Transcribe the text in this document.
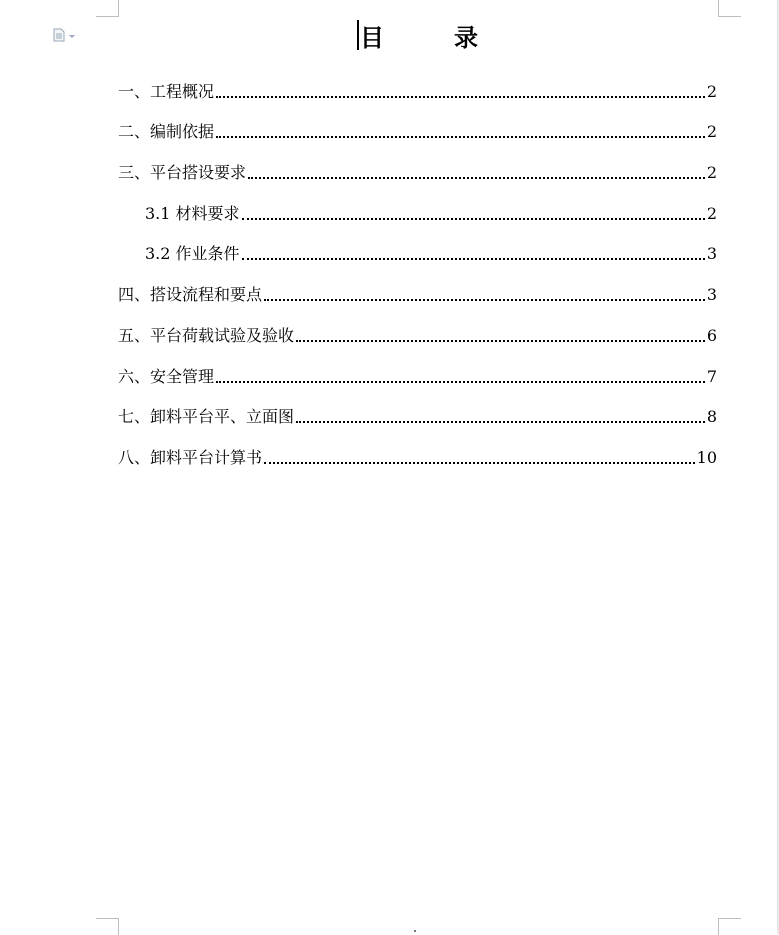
目	录
一、工程概况	2
二、编制依据	2
三、平台搭设要求	2
3.1 材料要求	2
3.2 作业条件	3
四、搭设流程和要点	3
五、平台荷载试验及验收	6
六、安全管理	7
七、卸料平台平、立面图	8
八、卸料平台计算书	10
